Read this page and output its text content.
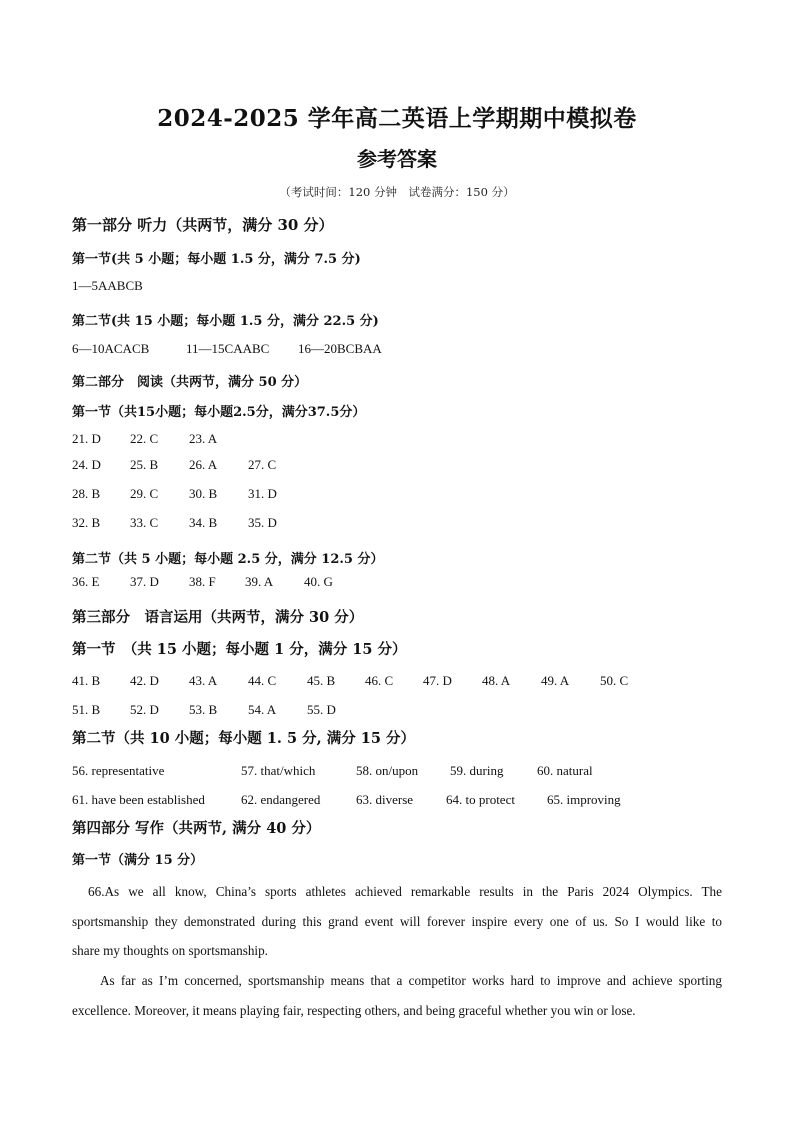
2024-2025 学年高二英语上学期期中模拟卷
参考答案
（考试时间：120 分钟　试卷满分：150 分）
第一部分 听力（共两节，满分 30 分）
第一节(共 5 小题；每小题 1.5 分，满分 7.5 分)
1—5AABCB
第二节(共 15 小题；每小题 1.5 分，满分 22.5 分)
6—10ACACB	11—15CAABC 16—20BCBAA
第二部分　阅读（共两节，满分 50 分）
第一节（共15小题；每小题2.5分，满分37.5分）
21. D 22. C 23. A
24. D 25. B 26. A 27. C
28. B 29. C 30. B 31. D
32. B 33. C 34. B 35. D
第二节（共 5 小题；每小题 2.5 分，满分 12.5 分）
36. E 37. D 38. F 39. A 40. G
第三部分　语言运用（共两节，满分 30 分）
第一节　（共 15 小题；每小题 1 分，满分 15 分）
41. B 42. D 43. A 44. C 45. B 46. C 47. D 48. A 49. A 50. C
51. B 52. D 53. B 54. A 55. D
第二节（共 10 小题；每小题 1. 5 分, 满分 15 分）
56. representative	57. that/which	58. on/upon 59. during	60. natural
61. have been established	62. endangered	63. diverse	64. to protect 65. improving
第四部分 写作（共两节, 满分 40 分）
第一节（满分 15 分）
66.As we all know, China’s sports athletes achieved remarkable results in the Paris 2024 Olympics. The
sportsmanship they demonstrated during this grand event will forever inspire every one of us. So I would like to
share my thoughts on sportsmanship.
As far as I’m concerned, sportsmanship means that a competitor works hard to improve and achieve sporting
excellence. Moreover, it means playing fair, respecting others, and being graceful whether you win or lose.
